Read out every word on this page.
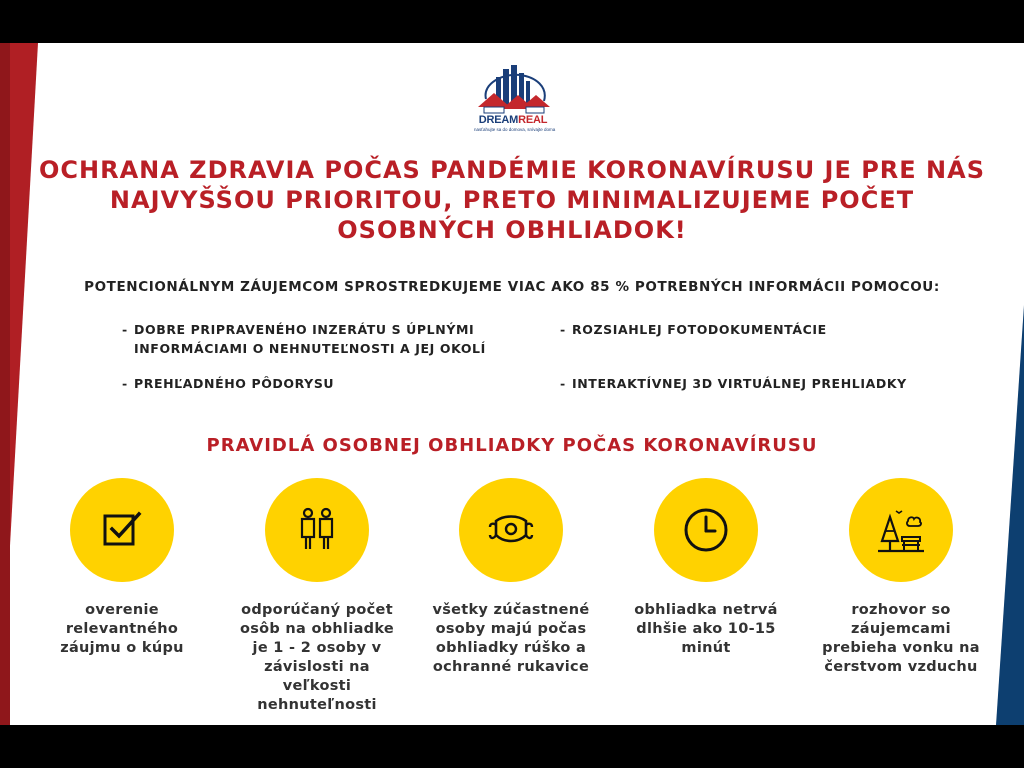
DREAMREAL
nasťahujte sa do domova, snívajte doma
OCHRANA ZDRAVIA POČAS PANDÉMIE KORONAVÍRUSU JE PRE NÁS NAJVYŠŠOU PRIORITOU, PRETO MINIMALIZUJEME POČET OSOBNÝCH OBHLIADOK!

POTENCIONÁLNYM ZÁUJEMCOM SPROSTREDKUJEME VIAC AKO 85 % POTREBNÝCH INFORMÁCII POMOCOU:

- DOBRE PRIPRAVENÉHO INZERÁTU S ÚPLNÝMI INFORMÁCIAMI O NEHNUTEĽNOSTI A JEJ OKOLÍ
- ROZSIAHLEJ FOTODOKUMENTÁCIE
- PREHĽADNÉHO PÔDORYSU	- INTERAKTÍVNEJ 3D VIRTUÁLNEJ PREHLIADKY
PRAVIDLÁ OSOBNEJ OBHLIADKY POČAS KORONAVÍRUSU
overenie relevantného záujmu o kúpu
odporúčaný počet osôb na obhliadke je 1 - 2 osoby v závislosti na veľkosti nehnuteľnosti
všetky zúčastnené osoby majú počas obhliadky rúško a ochranné rukavice
obhliadka netrvá dlhšie ako 10-15 minút
rozhovor so záujemcami prebieha vonku na čerstvom vzduchu
